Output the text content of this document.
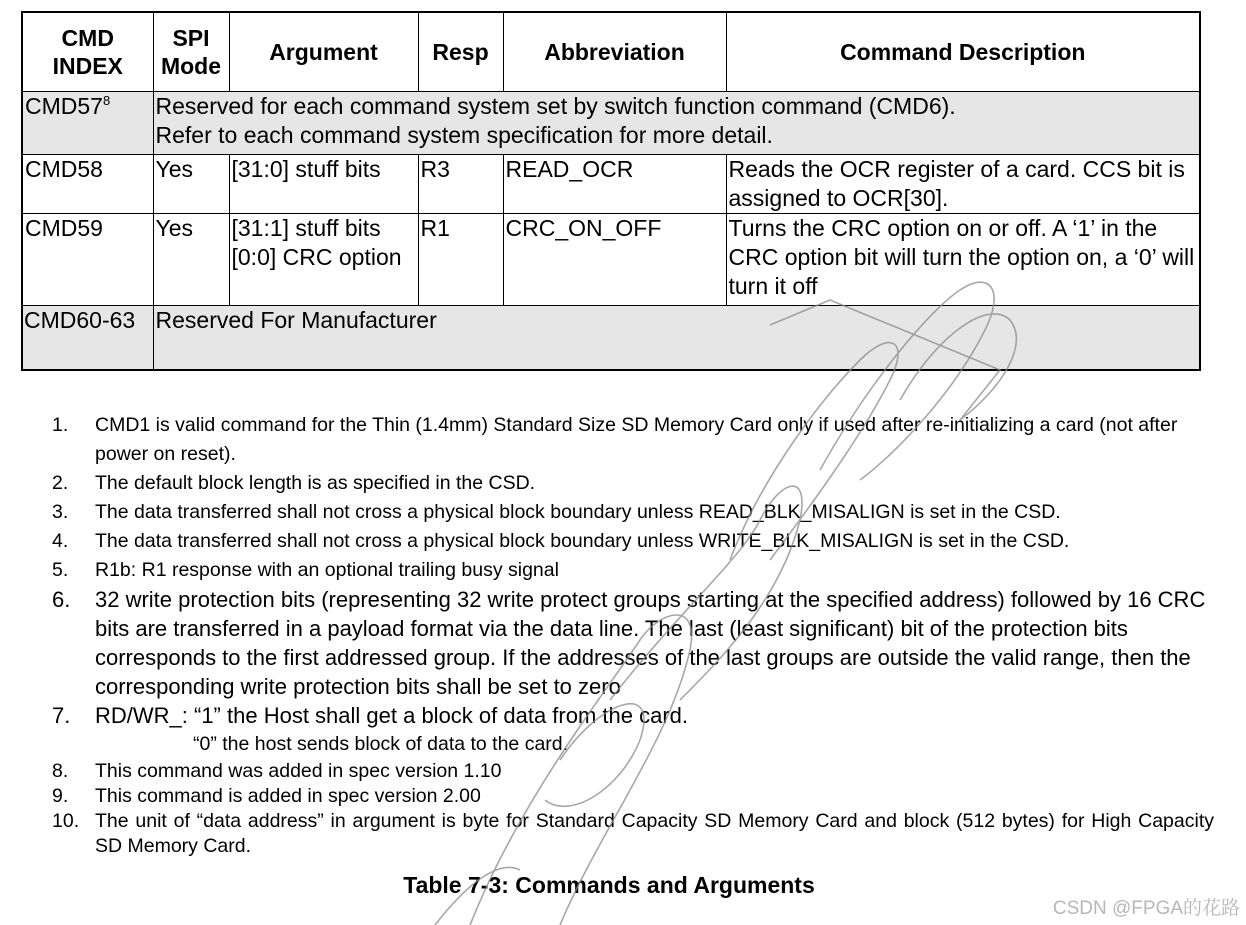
CMD INDEX	SPI Mode	Argument	Resp	Abbreviation	Command Description
$CMD57^8$	Reserved for each command system set by switch function command (CMD6).
Refer to each command system specification for more detail.				

CMD58	Yes	[31:0] stuff bits	R3	READ_OCR	Reads the OCR register of a card. CCS bit is assigned to OCR[30].
CMD59	Yes	[31:1] stuff bits
[0:0] CRC option	R1	CRC_ON_OFF	Turns the CRC option on or off. A ‘1’ in the CRC option bit will turn the option on, a ‘0’ will turn it off
CMD60-63	Reserved For Manufacturer				
1. CMD1 is valid command for the Thin (1.4mm) Standard Size SD Memory Card only if used after re-initializing a card (not after power on reset).
2. The default block length is as specified in the CSD.
3. The data transferred shall not cross a physical block boundary unless READ_BLK_MISALIGN is set in the CSD.
4. The data transferred shall not cross a physical block boundary unless WRITE_BLK_MISALIGN is set in the CSD.
5. R1b: R1 response with an optional trailing busy signal
6. 32 write protection bits (representing 32 write protect groups starting at the specified address) followed by 16 CRC bits are transferred in a payload format via the data line. The last (least significant) bit of the protection bits corresponds to the first addressed group. If the addresses of the last groups are outside the valid range, then the corresponding write protection bits shall be set to zero
7. RD/WR_: “1” the Host shall get a block of data from the card.
“0” the host sends block of data to the card.
8. This command was added in spec version 1.10
9. This command is added in spec version 2.00
10. The unit of “data address” in argument is byte for Standard Capacity SD Memory Card and block (512 bytes) for High Capacity SD Memory Card.
Table 7-3: Commands and Arguments
CSDN @FPGA的花路
